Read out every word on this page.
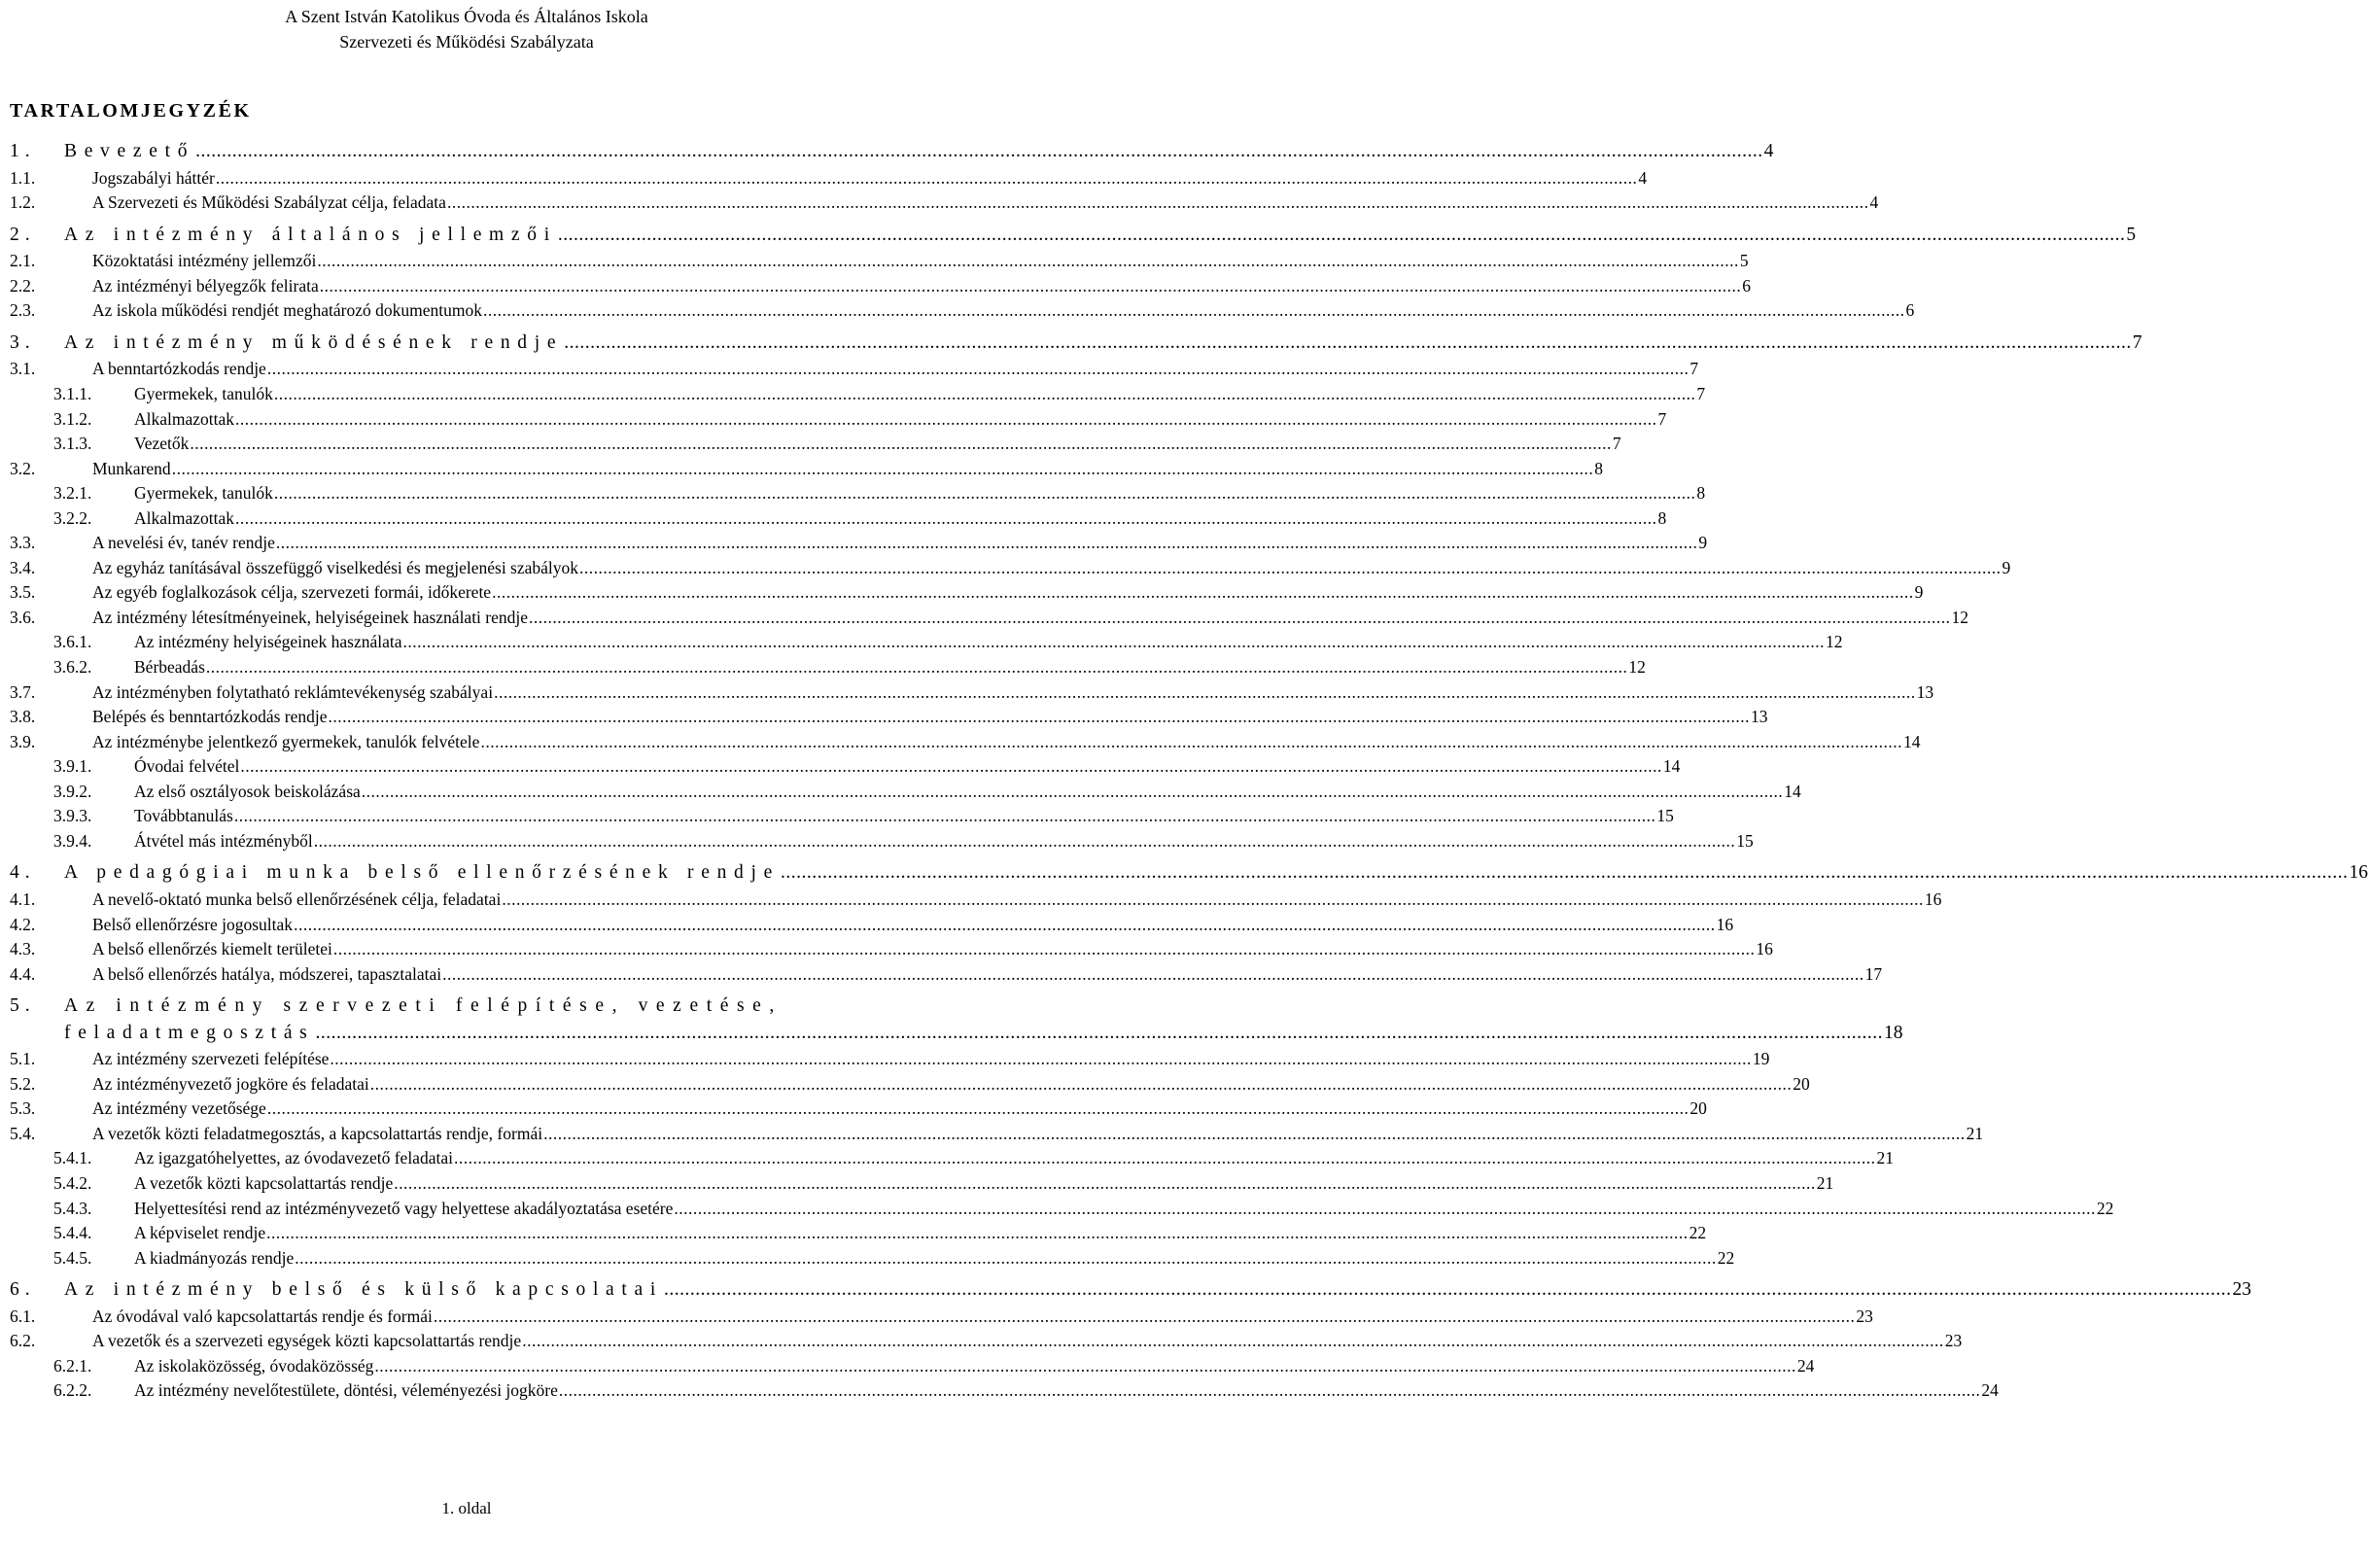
A Szent István Katolikus Óvoda és Általános Iskola
Szervezeti és Működési Szabályzata
TARTALOMJEGYZÉK
1.	Bevezető ............................................................................................................................................................................................................................................................................................................ 4
1.1.	Jogszabályi háttér ............................................................................................................................................................................................................................................................................................................ 4
1.2.	A Szervezeti és Működési Szabályzat célja, feladata ............................................................................................................................................................................................................................................................................................................ 4
2.	Az intézmény általános jellemzői ............................................................................................................................................................................................................................................................................................................ 5
2.1.	Közoktatási intézmény jellemzői ............................................................................................................................................................................................................................................................................................................ 5
2.2.	Az intézményi bélyegzők felirata ............................................................................................................................................................................................................................................................................................................ 6
2.3.	Az iskola működési rendjét meghatározó dokumentumok ............................................................................................................................................................................................................................................................................................................ 6
3.	Az intézmény működésének rendje ............................................................................................................................................................................................................................................................................................................ 7
3.1.	A benntartózkodás rendje ............................................................................................................................................................................................................................................................................................................ 7
3.1.1.	Gyermekek, tanulók ............................................................................................................................................................................................................................................................................................................ 7
3.1.2.	Alkalmazottak ............................................................................................................................................................................................................................................................................................................ 7
3.1.3.	Vezetők ............................................................................................................................................................................................................................................................................................................ 7
3.2.	Munkarend ............................................................................................................................................................................................................................................................................................................ 8
3.2.1.	Gyermekek, tanulók ............................................................................................................................................................................................................................................................................................................ 8
3.2.2.	Alkalmazottak ............................................................................................................................................................................................................................................................................................................ 8
3.3.	A nevelési év, tanév rendje ............................................................................................................................................................................................................................................................................................................ 9
3.4.	Az egyház tanításával összefüggő viselkedési és megjelenési szabályok ............................................................................................................................................................................................................................................................................................................ 9
3.5.	Az egyéb foglalkozások célja, szervezeti formái, időkerete ............................................................................................................................................................................................................................................................................................................ 9
3.6.	Az intézmény létesítményeinek, helyiségeinek használati rendje ............................................................................................................................................................................................................................................................................................................ 12
3.6.1.	Az intézmény helyiségeinek használata ............................................................................................................................................................................................................................................................................................................ 12
3.6.2.	Bérbeadás ............................................................................................................................................................................................................................................................................................................ 12
3.7.	Az intézményben folytatható reklámtevékenység szabályai ............................................................................................................................................................................................................................................................................................................ 13
3.8.	Belépés és benntartózkodás rendje ............................................................................................................................................................................................................................................................................................................ 13
3.9.	Az intézménybe jelentkező gyermekek, tanulók felvétele ............................................................................................................................................................................................................................................................................................................ 14
3.9.1.	Óvodai felvétel ............................................................................................................................................................................................................................................................................................................ 14
3.9.2.	Az első osztályosok beiskolázása ............................................................................................................................................................................................................................................................................................................ 14
3.9.3.	Továbbtanulás ............................................................................................................................................................................................................................................................................................................ 15
3.9.4.	Átvétel más intézményből ............................................................................................................................................................................................................................................................................................................ 15
4.	A pedagógiai munka belső ellenőrzésének rendje ............................................................................................................................................................................................................................................................................................................ 16
4.1.	A nevelő-oktató munka belső ellenőrzésének célja, feladatai ............................................................................................................................................................................................................................................................................................................ 16
4.2.	Belső ellenőrzésre jogosultak ............................................................................................................................................................................................................................................................................................................ 16
4.3.	A belső ellenőrzés kiemelt területei ............................................................................................................................................................................................................................................................................................................ 16
4.4.	A belső ellenőrzés hatálya, módszerei, tapasztalatai ............................................................................................................................................................................................................................................................................................................ 17
5.	Az intézmény szervezeti felépítése, vezetése,
feladatmegosztás ............................................................................................................................................................................................................................................................................................................ 18
5.1.	Az intézmény szervezeti felépítése ............................................................................................................................................................................................................................................................................................................ 19
5.2.	Az intézményvezető jogköre és feladatai ............................................................................................................................................................................................................................................................................................................ 20
5.3.	Az intézmény vezetősége ............................................................................................................................................................................................................................................................................................................ 20
5.4.	A vezetők közti feladatmegosztás, a kapcsolattartás rendje, formái ............................................................................................................................................................................................................................................................................................................ 21
5.4.1.	Az igazgatóhelyettes, az óvodavezető feladatai ............................................................................................................................................................................................................................................................................................................ 21
5.4.2.	A vezetők közti kapcsolattartás rendje ............................................................................................................................................................................................................................................................................................................ 21
5.4.3.	Helyettesítési rend az intézményvezető vagy helyettese akadályoztatása esetére ............................................................................................................................................................................................................................................................................................................ 22
5.4.4.	A képviselet rendje ............................................................................................................................................................................................................................................................................................................ 22
5.4.5.	A kiadmányozás rendje ............................................................................................................................................................................................................................................................................................................ 22
6.	Az intézmény belső és külső kapcsolatai ............................................................................................................................................................................................................................................................................................................ 23
6.1.	Az óvodával való kapcsolattartás rendje és formái ............................................................................................................................................................................................................................................................................................................ 23
6.2.	A vezetők és a szervezeti egységek közti kapcsolattartás rendje ............................................................................................................................................................................................................................................................................................................ 23
6.2.1.	Az iskolaközösség, óvodaközösség ............................................................................................................................................................................................................................................................................................................ 24
6.2.2.	Az intézmény nevelőtestülete, döntési, véleményezési jogköre ............................................................................................................................................................................................................................................................................................................ 24
1. oldal
